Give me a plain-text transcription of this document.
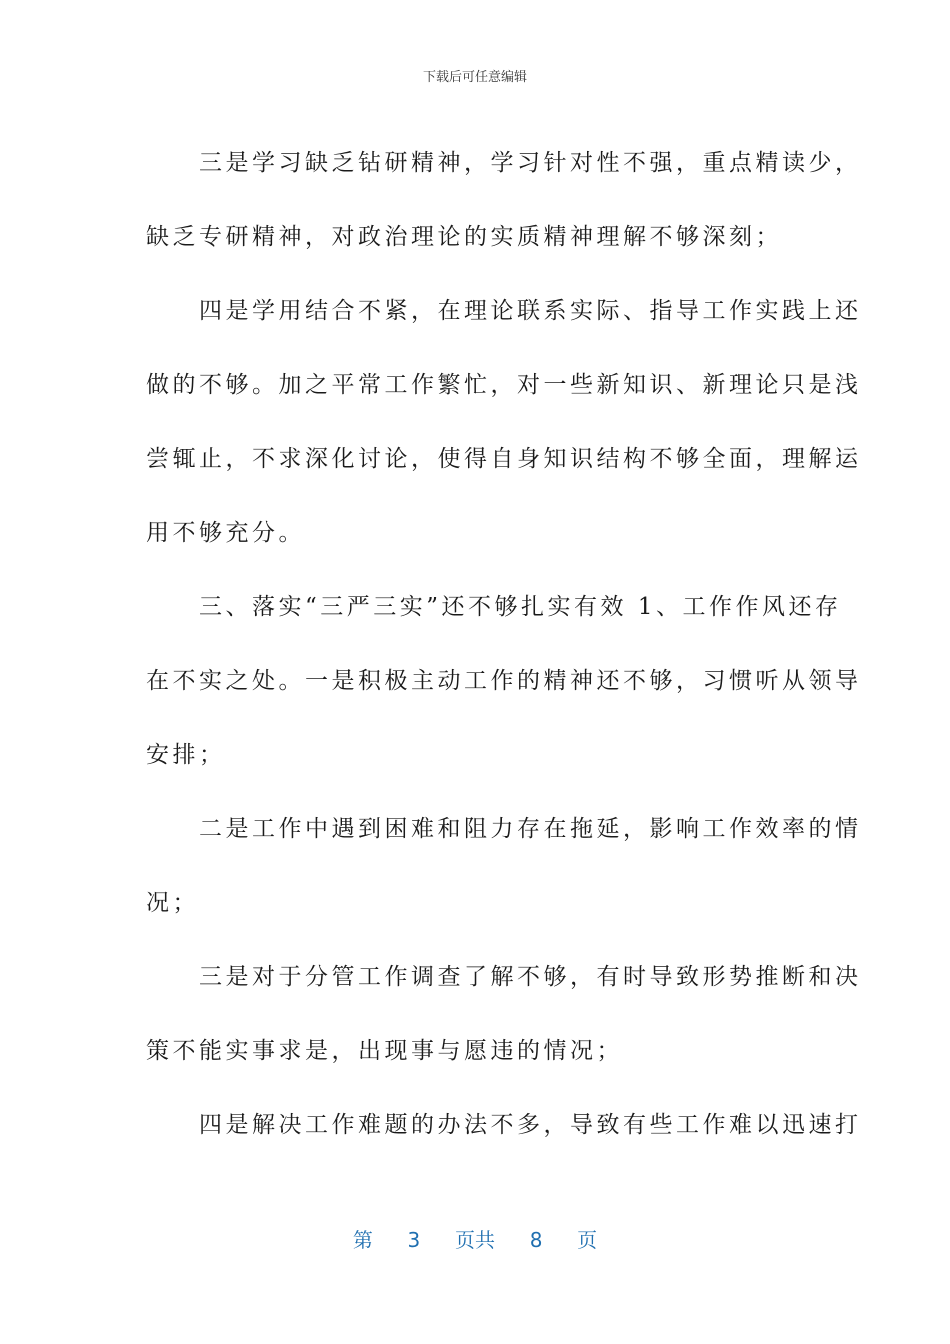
下载后可任意编辑

　　三是学习缺乏钻研精神，学习针对性不强，重点精读少，
缺乏专研精神，对政治理论的实质精神理解不够深刻；

　　四是学用结合不紧，在理论联系实际、指导工作实践上还
做的不够。加之平常工作繁忙，对一些新知识、新理论只是浅
尝辄止，不求深化讨论，使得自身知识结构不够全面，理解运
用不够充分。

　　三、落实“三严三实”还不够扎实有效 1、工作作风还存
在不实之处。一是积极主动工作的精神还不够，习惯听从领导
安排；

　　二是工作中遇到困难和阻力存在拖延，影响工作效率的情
况；

　　三是对于分管工作调查了解不够，有时导致形势推断和决
策不能实事求是，出现事与愿违的情况；

　　四是解决工作难题的办法不多，导致有些工作难以迅速打

第 3 页共 8 页
